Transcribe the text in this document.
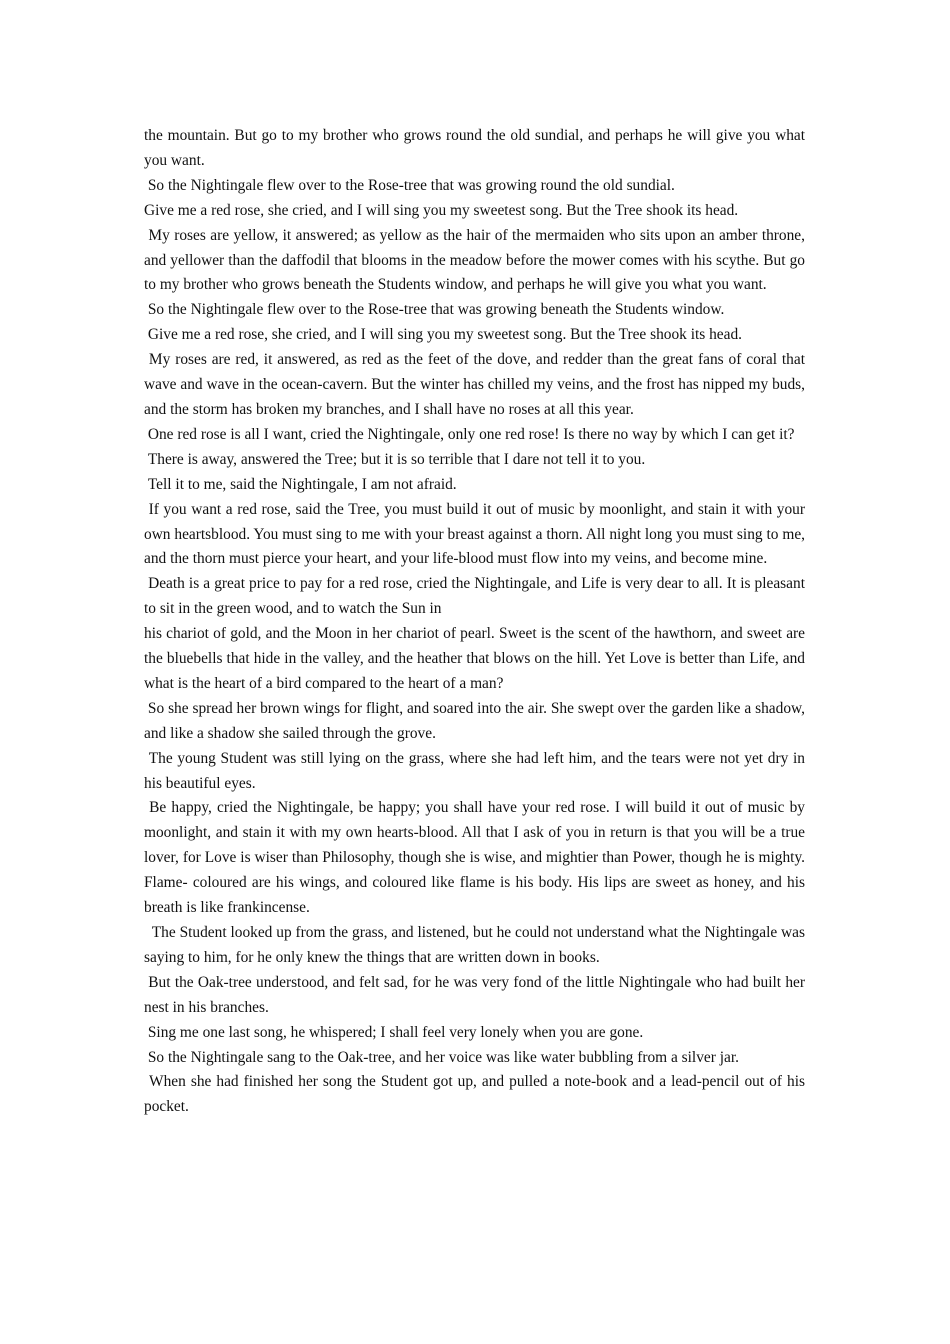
the mountain. But go to my brother who grows round the old sundial, and perhaps he will give you what you want.

So the Nightingale flew over to the Rose-tree that was growing round the old sundial.

Give me a red rose, she cried, and I will sing you my sweetest song. But the Tree shook its head.

My roses are yellow, it answered; as yellow as the hair of the mermaiden who sits upon an amber throne, and yellower than the daffodil that blooms in the meadow before the mower comes with his scythe. But go to my brother who grows beneath the Students window, and perhaps he will give you what you want.

So the Nightingale flew over to the Rose-tree that was growing beneath the Students window.

Give me a red rose, she cried, and I will sing you my sweetest song. But the Tree shook its head.

My roses are red, it answered, as red as the feet of the dove, and redder than the great fans of coral that wave and wave in the ocean-cavern. But the winter has chilled my veins, and the frost has nipped my buds, and the storm has broken my branches, and I shall have no roses at all this year.

One red rose is all I want, cried the Nightingale, only one red rose! Is there no way by which I can get it?

There is away, answered the Tree; but it is so terrible that I dare not tell it to you.

Tell it to me, said the Nightingale, I am not afraid.

If you want a red rose, said the Tree, you must build it out of music by moonlight, and stain it with your own heartsblood. You must sing to me with your breast against a thorn. All night long you must sing to me, and the thorn must pierce your heart, and your life-blood must flow into my veins, and become mine.

Death is a great price to pay for a red rose, cried the Nightingale, and Life is very dear to all. It is pleasant to sit in the green wood, and to watch the Sun in

his chariot of gold, and the Moon in her chariot of pearl. Sweet is the scent of the hawthorn, and sweet are the bluebells that hide in the valley, and the heather that blows on the hill. Yet Love is better than Life, and what is the heart of a bird compared to the heart of a man?

So she spread her brown wings for flight, and soared into the air. She swept over the garden like a shadow, and like a shadow she sailed through the grove.

The young Student was still lying on the grass, where she had left him, and the tears were not yet dry in his beautiful eyes.

Be happy, cried the Nightingale, be happy; you shall have your red rose. I will build it out of music by moonlight, and stain it with my own hearts-blood. All that I ask of you in return is that you will be a true lover, for Love is wiser than Philosophy, though she is wise, and mightier than Power, though he is mighty. Flame- coloured are his wings, and coloured like flame is his body. His lips are sweet as honey, and his breath is like frankincense.

The Student looked up from the grass, and listened, but he could not understand what the Nightingale was saying to him, for he only knew the things that are written down in books.

But the Oak-tree understood, and felt sad, for he was very fond of the little Nightingale who had built her nest in his branches.

Sing me one last song, he whispered; I shall feel very lonely when you are gone.

So the Nightingale sang to the Oak-tree, and her voice was like water bubbling from a silver jar.

When she had finished her song the Student got up, and pulled a note-book and a lead-pencil out of his pocket.
